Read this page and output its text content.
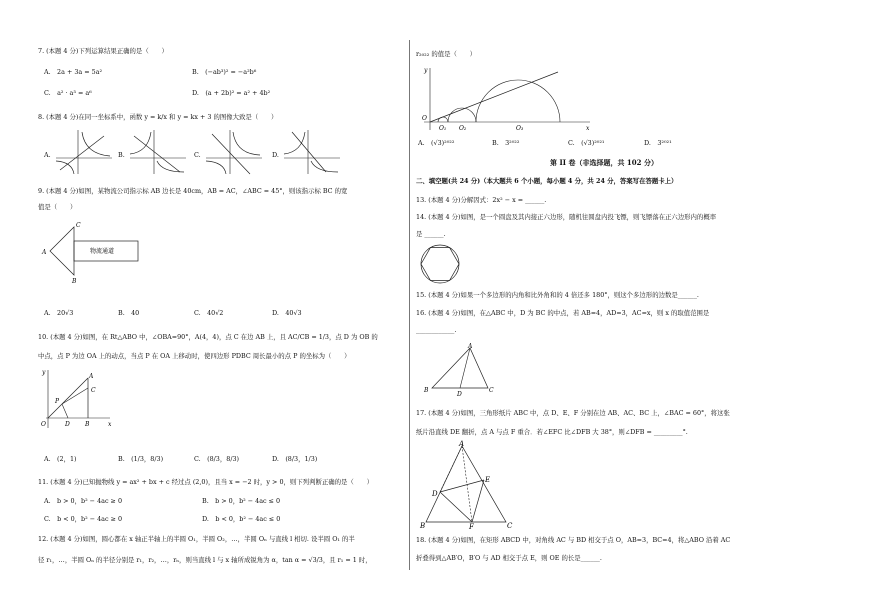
7. (本题 4 分)下列运算结果正确的是（　　）
A.　2a + 3a = 5a²	B.　(−ab³)² = −a²b⁶
C.　a² · a³ = a⁶	D.　(a + 2b)² = a² + 4b²
8. (本题 4 分)在同一坐标系中，函数 y = k/x 和 y = kx + 3 的图像大致是（　　）
A.	B.	C.	D.
9. (本题 4 分)如图，某物流公司指示标 AB 边长是 40cm，AB = AC，∠ABC = 45°，则该指示标 BC 的宽
值是（　　）
A
C
B
物流通道
A.　20√3	B.　40	C.　40√2	D.　40√3
10. (本题 4 分)如图，在 Rt△ABO 中，∠OBA=90°，A(4，4)，点 C 在边 AB 上，且 AC/CB = 1/3，点 D 为 OB 的
中点，点 P 为边 OA 上的动点，当点 P 在 OA 上移动时，使四边形 PDBC 周长最小的点 P 的坐标为（　　）
y
x
O
A
C
P
D	B
A.　(2，1)	B.　(1/3，8/3)	C.　(8/3，8/3)	D.　(8/3，1/3)
11. (本题 4 分)已知抛物线 y = ax² + bx + c 经过点 (2,0)，且当 x = −2 时，y > 0，则下列判断正确的是（　　）
A.　b > 0，b² − 4ac ≥ 0	B.　b > 0，b² − 4ac ≤ 0
C.　b < 0，b² − 4ac ≥ 0	D.　b < 0，b² − 4ac ≤ 0
12. (本题 4 分)如图，圆心都在 x 轴正半轴上的半圆 O₁，半圆 O₂，…，半圆 Oₙ 与直线 l 相切. 设半圆 O₁ 的半
径 r₁，…，半圆 Oₙ 的半径分别是 r₁，r₂，…，rₙ，则当直线 l 与 x 轴所成锐角为 α，tan α = √3/3，且 r₁ = 1 时，
r₂₀₂₂ 的值是（　　）
y
x
O
O₁ O₂	O₃
A.　(√3)²⁰²²	B.　3²⁰²²	C.　(√3)²⁰²¹	D.　3²⁰²¹
第 II 卷（非选择题，共 102 分）
二、填空题(共 24 分)（本大题共 6 个小题，每小题 4 分，共 24 分，答案写在答题卡上）
13. (本题 4 分)分解因式：2x² − x = ______.
14. (本题 4 分)如图，是一个圆盘及其内接正六边形，随机往圆盘内投飞镖，则飞镖落在正六边形内的概率
是 ______.
15. (本题 4 分)如果一个多边形的内角和比外角和的 4 倍还多 180°，则这个多边形的边数是______.
16. (本题 4 分)如图，在△ABC 中，D 为 BC 的中点，若 AB=4，AD=3，AC=x，则 x 的取值范围是
____________.
A
B
D
C
17. (本题 4 分)如图，三角形纸片 ABC 中，点 D、E、F 分别在边 AB、AC、BC 上，∠BAC = 60°，将这张
纸片沿直线 DE 翻折，点 A 与点 F 重合．若∠EFC 比∠DFB 大 38°，则∠DFB = _________°.
A
D
E
B	F	C
18. (本题 4 分)如图，在矩形 ABCD 中，对角线 AC 与 BD 相交于点 O，AB=3，BC=4，将△ABO 沿着 AC
折叠得到△AB′O，B′O 与 AD 相交于点 E，则 OE 的长是______.
